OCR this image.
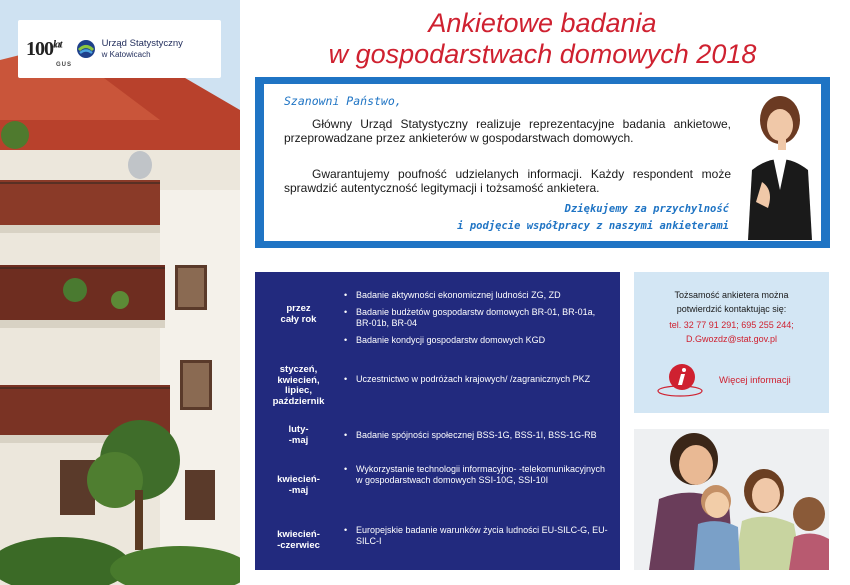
$100^{lat}$
GUS
Urząd Statystyczny
w Katowicach
Ankietowe badania
w gospodarstwach domowych 2018
Szanowni Państwo,
Główny Urząd Statystyczny realizuje reprezentacyjne badania ankietowe, przeprowadzane przez ankieterów w gospodarstwach domowych.
Gwarantujemy poufność udzielanych informacji. Każdy respondent może sprawdzić autentyczność legitymacji i tożsamość ankietera.
Dziękujemy za przychylność
i podjęcie współpracy z naszymi ankieterami
przez
cały rok
• Badanie aktywności ekonomicznej ludności ZG, ZD
• Badanie budżetów gospodarstw domowych BR-01, BR-01a, BR-01b, BR-04
• Badanie kondycji gospodarstw domowych KGD
styczeń,
kwiecień,
lipiec,
październik
• Uczestnictwo w podróżach krajowych/ /zagranicznych PKZ
luty-
-maj
•	Badanie spójności społecznej BSS-1G, BSS-1I, BSS-1G-RB
kwiecień-
-maj
• Wykorzystanie technologii informacyjno- -telekomunikacyjnych w gospodarstwach domowych SSI-10G, SSI-10I
kwiecień-
-czerwiec
• Europejskie badanie warunków życia ludności EU-SILC-G, EU-SILC-I
Tożsamość ankietera można
potwierdzić kontaktując się:
tel. 32 77 91 291; 695 255 244;
D.Gwozdz@stat.gov.pl
Więcej informacji
